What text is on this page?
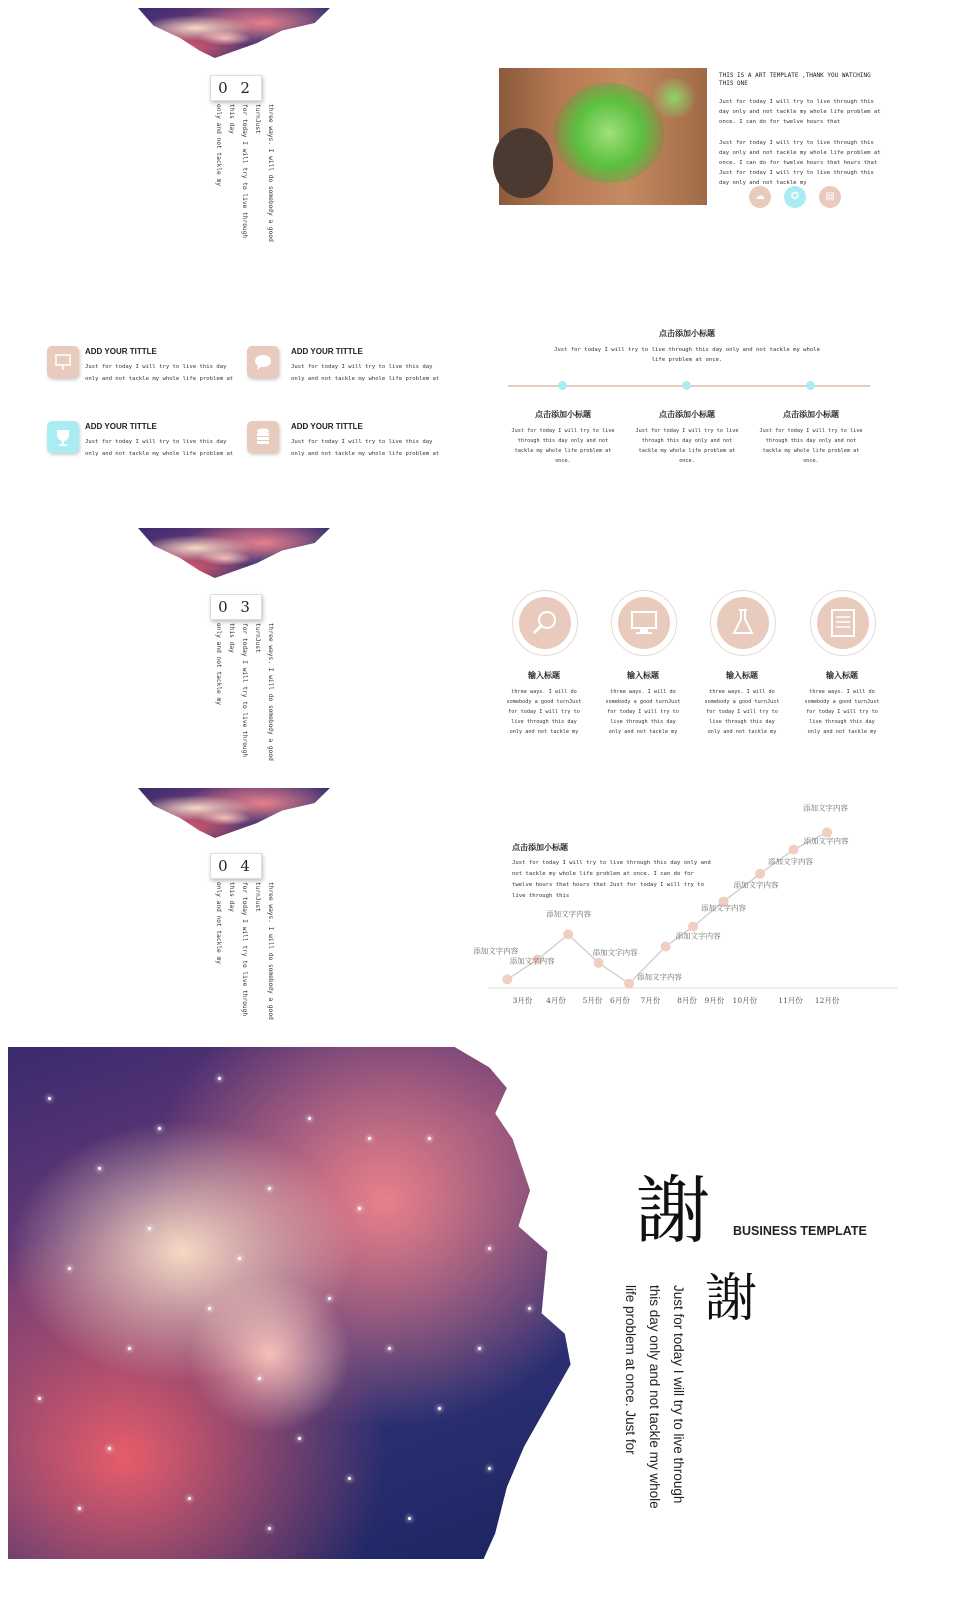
0 2
three ways. I will do somebody a good turnJust
for today I will try to live through this day
only and not tackle my
THIS IS A ART TEMPLATE ,THANK YOU WATCHING THIS ONE
Just for today I will try to live through this day only and not tackle my whole life problem at once. I can do for twelve hours that
Just for today I will try to live through this day only and not tackle my whole life problem at once. I can do for twelve hours that hours that Just for today I will try to live through this day only and not tackle my
☁	✪	▤
ADD YOUR TITTLE
Just for today I will try to live this day only and not tackle my whole life problem at
ADD YOUR TITTLE
Just for today I will try to live this day only and not tackle my whole life problem at
ADD YOUR TITTLE
Just for today I will try to live this day only and not tackle my whole life problem at
ADD YOUR TITTLE
Just for today I will try to live this day only and not tackle my whole life problem at
点击添加小标题
Just for today I will try to live through this day only and not tackle my whole life problem at once.
点击添加小标题
Just for today I will try to live through this day only and not tackle my whole life problem at once.
点击添加小标题
Just for today I will try to live through this day only and not tackle my whole life problem at once.
点击添加小标题
Just for today I will try to live through this day only and not tackle my whole life problem at once.
0 3
three ways. I will do somebody a good turnJust
for today I will try to live through this day
only and not tackle my	输入标题
three ways. I will do somebody a good turnJust for today I will try to live through this day only and not tackle my
输入标题
three ways. I will do somebody a good turnJust for today I will try to live through this day only and not tackle my
输入标题
three ways. I will do somebody a good turnJust for today I will try to live through this day only and not tackle my
输入标题
three ways. I will do somebody a good turnJust for today I will try to live through this day only and not tackle my
0 4
three ways. I will do somebody a good turnJust
for today I will try to live through this day
only and not tackle my
点击添加小标题
Just for today I will try to live through this day only and not tackle my whole life problem at once. I can do for twelve hours that hours that Just for today I will try to live through this
添加文字内容
添加文字内容
添加文字内容
添加文字内容
添加文字内容
添加文字内容
添加文字内容
添加文字内容
添加文字内容
添加文字内容
添加文字内容
3月份 4月份 5月份 6月份 7月份 8月份 9月份 10月份	11月份 12月份
謝
謝
BUSINESS TEMPLATE
Just for today I will try to live through
this day only and not tackle my whole
life problem at once. Just for
